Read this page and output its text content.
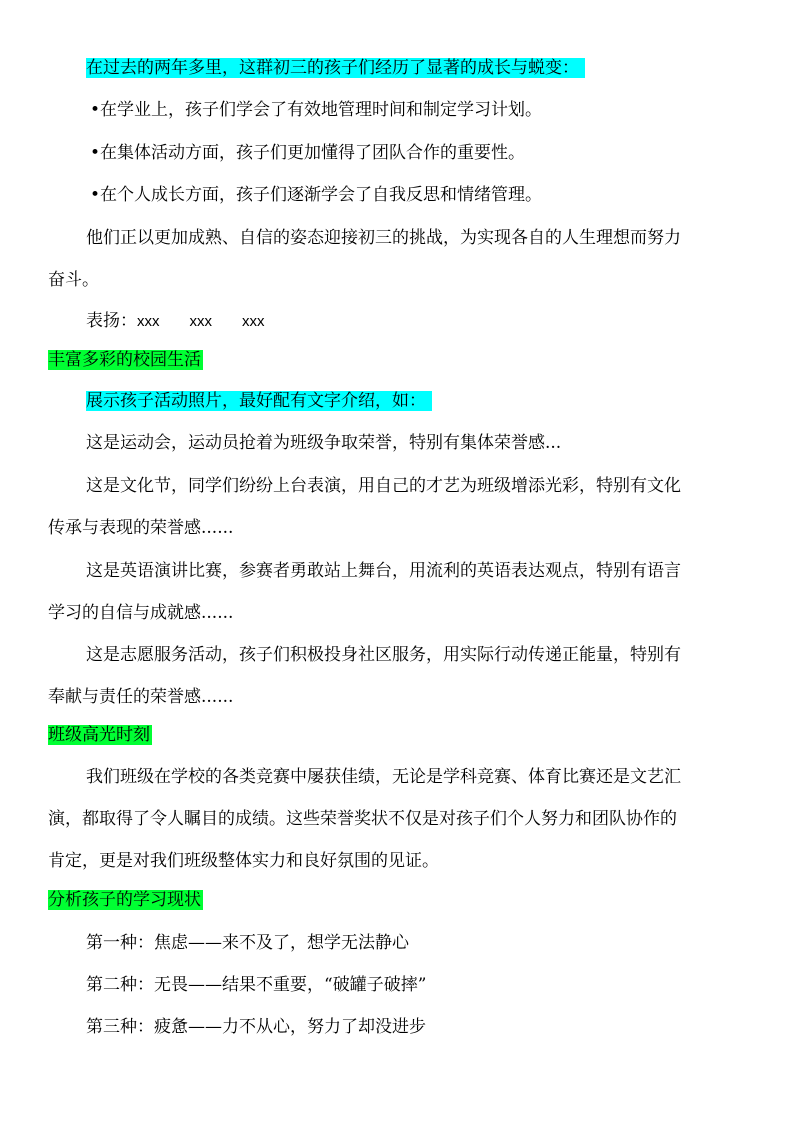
在过去的两年多里，这群初三的孩子们经历了显著的成长与蜕变：
•在学业上，孩子们学会了有效地管理时间和制定学习计划。
•在集体活动方面，孩子们更加懂得了团队合作的重要性。
•在个人成长方面，孩子们逐渐学会了自我反思和情绪管理。
他们正以更加成熟、自信的姿态迎接初三的挑战，为实现各自的人生理想而努力
奋斗。
表扬：xxx xxx xxx
丰富多彩的校园生活
展示孩子活动照片，最好配有文字介绍，如：
这是运动会，运动员抢着为班级争取荣誉，特别有集体荣誉感...
这是文化节，同学们纷纷上台表演，用自己的才艺为班级增添光彩，特别有文化
传承与表现的荣誉感......
这是英语演讲比赛，参赛者勇敢站上舞台，用流利的英语表达观点，特别有语言
学习的自信与成就感......
这是志愿服务活动，孩子们积极投身社区服务，用实际行动传递正能量，特别有
奉献与责任的荣誉感......
班级高光时刻
我们班级在学校的各类竞赛中屡获佳绩，无论是学科竞赛、体育比赛还是文艺汇
演，都取得了令人瞩目的成绩。这些荣誉奖状不仅是对孩子们个人努力和团队协作的
肯定，更是对我们班级整体实力和良好氛围的见证。
分析孩子的学习现状
第一种：焦虑——来不及了，想学无法静心
第二种：无畏——结果不重要，“破罐子破摔”
第三种：疲惫——力不从心，努力了却没进步
